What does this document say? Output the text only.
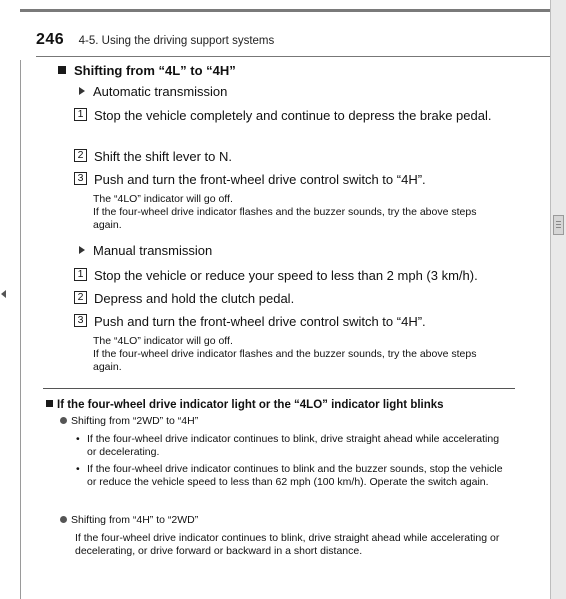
246 4-5. Using the driving support systems
Shifting from “4L” to “4H”
Automatic transmission
1 Stop the vehicle completely and continue to depress the brake pedal.
2 Shift the shift lever to N.
3 Push and turn the front-wheel drive control switch to “4H”.
The “4LO” indicator will go off.
If the four-wheel drive indicator flashes and the buzzer sounds, try the above steps again.
Manual transmission
1 Stop the vehicle or reduce your speed to less than 2 mph (3 km/h).
2 Depress and hold the clutch pedal.
3 Push and turn the front-wheel drive control switch to “4H”.
The “4LO” indicator will go off.
If the four-wheel drive indicator flashes and the buzzer sounds, try the above steps again.
If the four-wheel drive indicator light or the “4LO” indicator light blinks
Shifting from “2WD” to “4H”
• If the four-wheel drive indicator continues to blink, drive straight ahead while accelerating or decelerating.
• If the four-wheel drive indicator continues to blink and the buzzer sounds, stop the vehicle or reduce the vehicle speed to less than 62 mph (100 km/h). Operate the switch again.
Shifting from “4H” to “2WD”
If the four-wheel drive indicator continues to blink, drive straight ahead while accelerating or decelerating, or drive forward or backward in a short distance.
